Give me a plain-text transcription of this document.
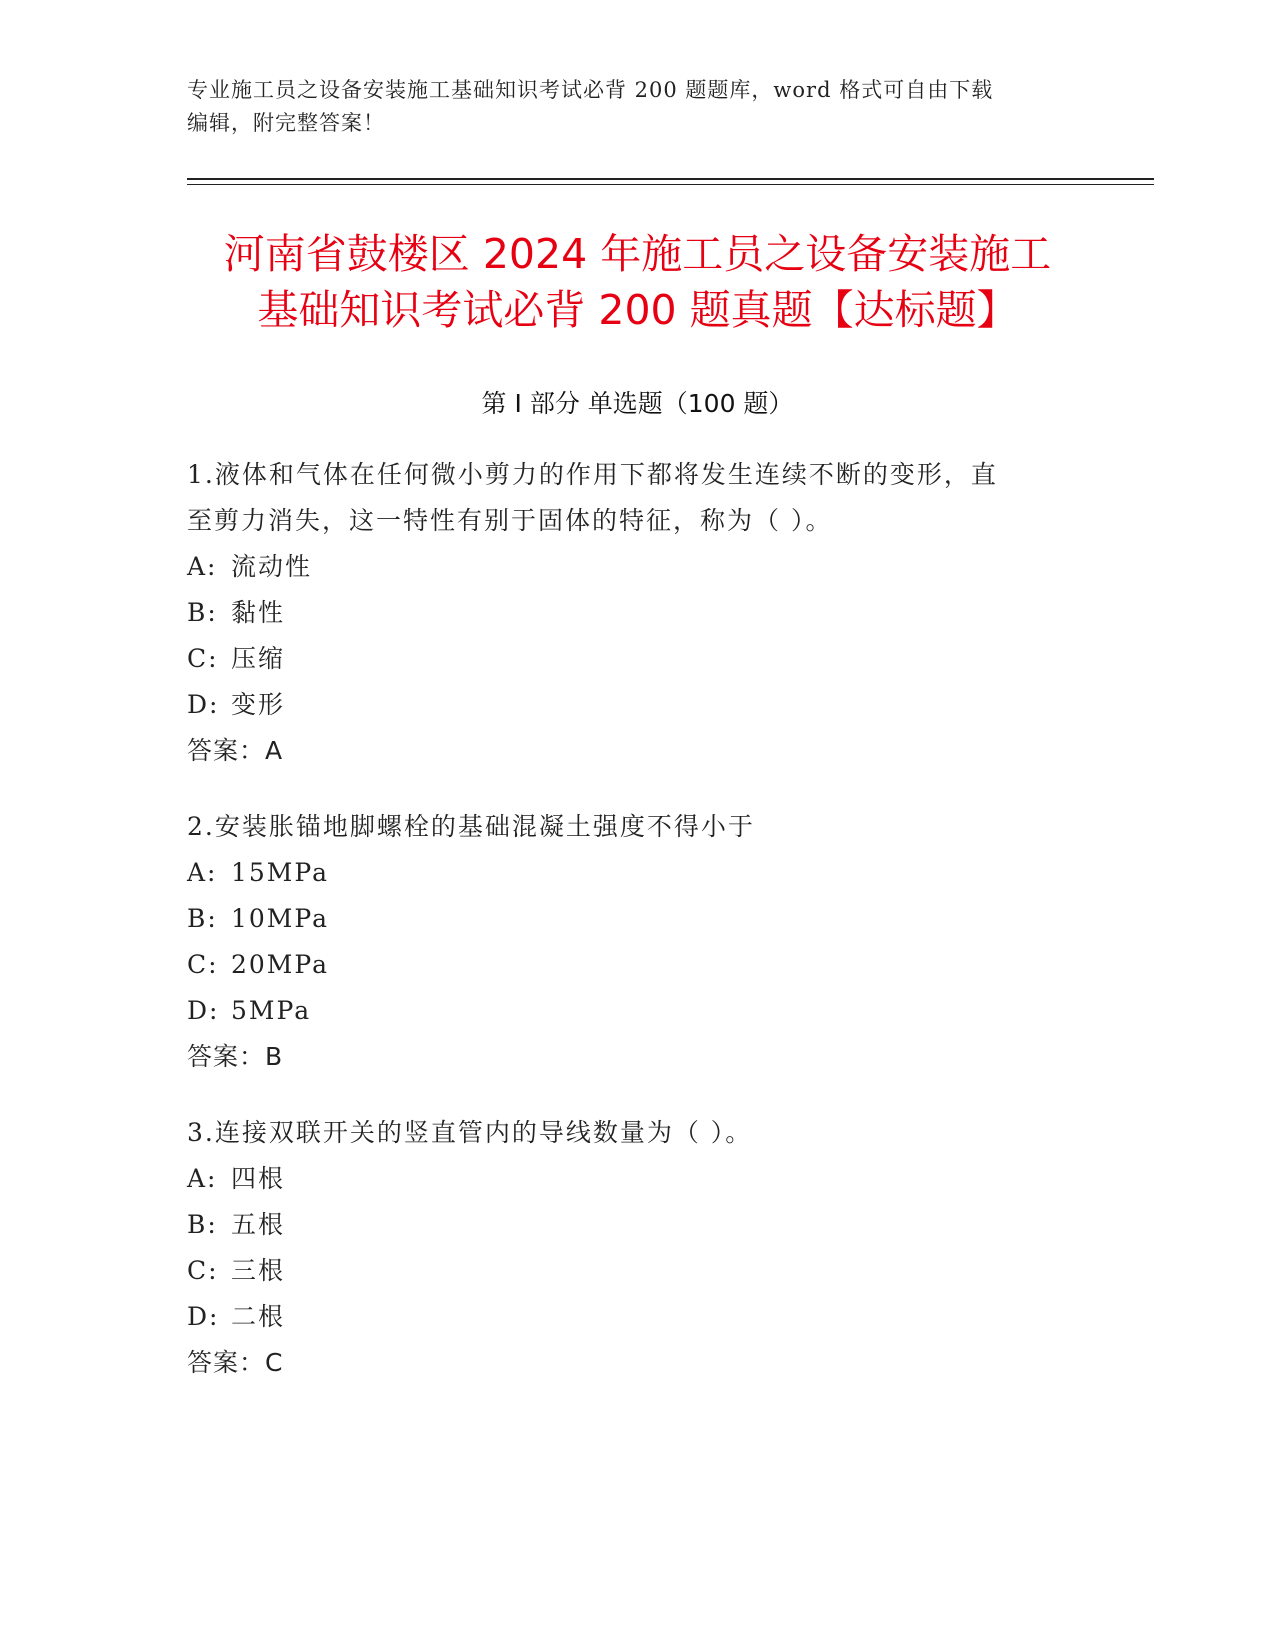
专业施工员之设备安装施工基础知识考试必背 200 题题库，word 格式可自由下载
编辑，附完整答案！
河南省鼓楼区 2024 年施工员之设备安装施工
基础知识考试必背 200 题真题【达标题】
第 I 部分 单选题（100 题）

1.液体和气体在任何微小剪力的作用下都将发生连续不断的变形，直

至剪力消失，这一特性有别于固体的特征，称为（ ）。

A: 流动性

B: 黏性

C: 压缩

D: 变形

答案：A

2.安装胀锚地脚螺栓的基础混凝土强度不得小于

A: 15MPa

B: 10MPa

C: 20MPa

D: 5MPa

答案：B

3.连接双联开关的竖直管内的导线数量为（ ）。

A: 四根

B: 五根

C: 三根

D: 二根

答案：C
